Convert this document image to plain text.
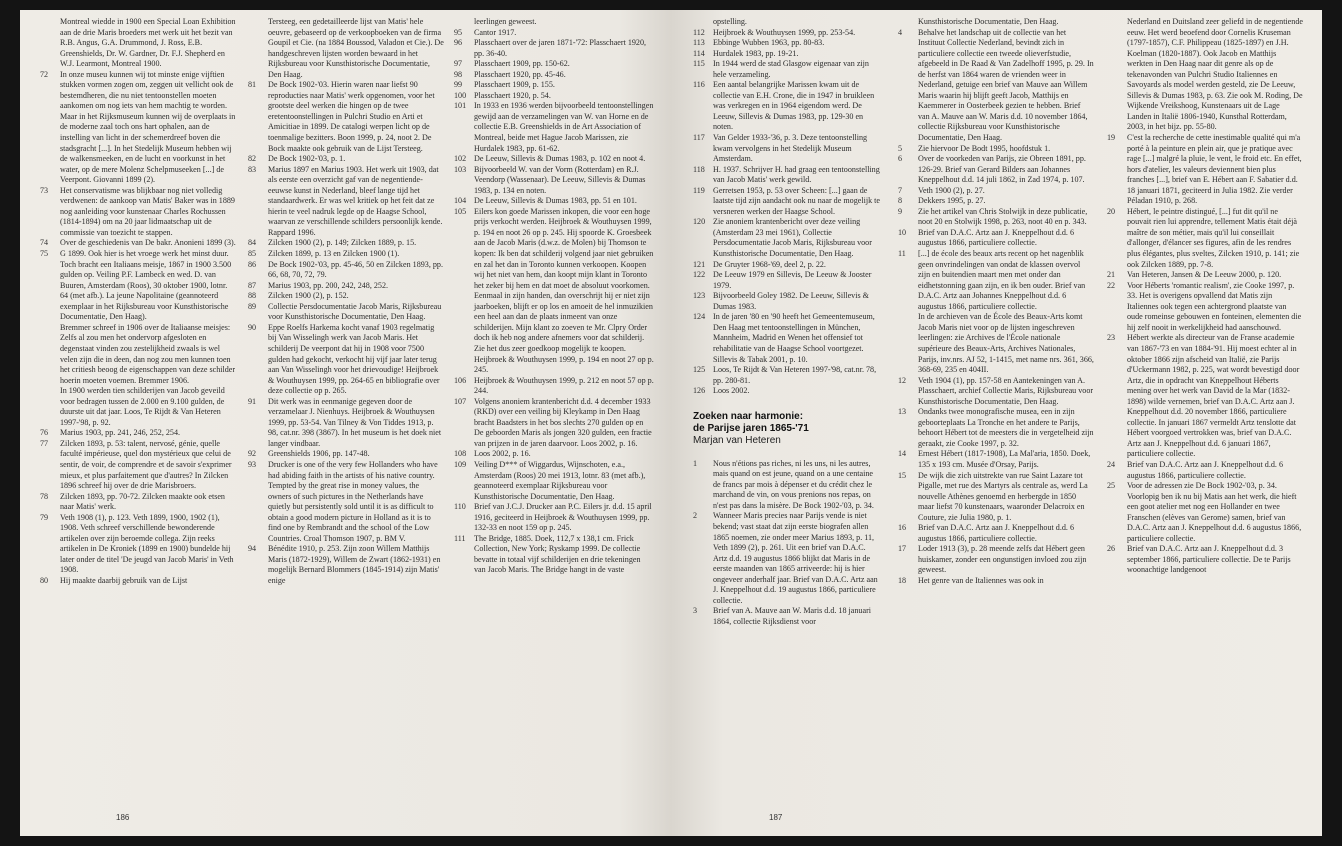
Montreal wiedde in 1900 een Special Loan Exhibition aan de drie Maris broeders met werk uit het bezit van R.B. Angus, G.A. Drummond, J. Ross, E.B. Greenshields, Dr. W. Gardner, Dr. F.J. Shepherd en W.J. Learmont, Montreal 1900.

72 In onze museu kunnen wij tot minste enige vijftien stukken vormen zogen om, zeggen uit vellicht ook de bestemdheren, die nu niet tentoonstellen moeten aankomen om nog iets van hem machtig te worden. Maar in het Rijksmuseum kunnen wij de overplaats in de moderne zaal toch ons hart ophalen, aan de instelling van licht in der schemerdreef boven die stadsgracht [...]. In het Stedelijk Museum hebben wij de walkensmeeken, en de lucht en voorkunst in het water, op de mere Molenz Schelpmuseeken [...] de Veerpont. Giovanni 1899 (2).

73 Het conservatisme was blijkbaar nog niet volledig verdwenen: de aankoop van Matis' Baker was in 1889 nog aanleiding voor kunstenaar Charles Rochussen (1814-1894) om na 20 jaar lidmaatschap uit de commissie van toezicht te stappen.

74 Over de geschiedenis van De bakr. Anonieni 1899 (3).

75 G 1899. Ook hier is het vroege werk het minst duur. Toch bracht een Italiaans meisje, 1867 in 1900 3.500 gulden op. Veiling P.F. Lambeck en wed. D. van Buuren, Amsterdam (Roos), 30 oktober 1900, lotnr. 64 (met afb.). La jeune Napolitaine (geannoteerd exemplaar in het Rijksbureau voor Kunsthistorische Documentatie, Den Haag).

Bremmer schreef in 1906 over de Italiaanse meisjes: Zelfs al zou men het ondervorp afgesloten en degenstaat vinden zou zestelijkheid zwaals is wel velen zijn die in deen, dan nog zou men kunnen toen het critiesh beoog de eigenschappen van deze schilder hoerin moeten voemen. Bremmer 1906.

In 1900 werden tien schilderijen van Jacob geveild voor bedragen tussen de 2.000 en 9.100 gulden, de duurste uit dat jaar. Loos, Te Rijdt & Van Heteren 1997-'98, p. 92.

76 Marius 1903, pp. 241, 246, 252, 254.

77 Zilcken 1893, p. 53: talent, nervosé, génie, quelle faculté impérieuse, quel don mystérieux que celui de sentir, de voir, de comprendre et de savoir s'exprimer mieux, et plus parfaitement que d'autres? In Zilcken 1896 schreef hij over de drie Marisbroers.

78 Zilcken 1893, pp. 70-72. Zilcken maakte ook etsen naar Matis' werk.

79 Veth 1908 (1), p. 123. Veth 1899, 1900, 1902 (1), 1908. Veth schreef verschillende bewonderende artikelen over zijn beroemde collega. Zijn reeks artikelen in De Kroniek (1899 en 1900) bundelde hij later onder de titel 'De jeugd van Jacob Maris' in Veth 1908.

80 Hij maakte daarbij gebruik van de Lijst

Tersteeg, een gedetailleerde lijst van Matis' hele oeuvre, gebaseerd op de verkoopboeken van de firma Goupil et Cie. (na 1884 Boussod, Valadon et Cie.). De handgeschreven lijsten worden bewaard in het Rijksbureau voor Kunsthistorische Documentatie, Den Haag.

81 De Bock 1902-'03. Hierin waren naar liefst 90 reproducties naar Matis' werk opgenomen, voor het grootste deel werken die hingen op de twee eretentoonstellingen in Pulchri Studio en Arti et Amicitiae in 1899. De catalogi werpen licht op de toenmalige bezitters. Boon 1999, p. 24, noot 2. De Bock maakte ook gebruik van de Lijst Tersteeg.

82 De Bock 1902-'03, p. 1.

83 Marius 1897 en Marius 1903. Het werk uit 1903, dat als eerste een overzicht gaf van de negentiende-eeuwse kunst in Nederland, bleef lange tijd het standaardwerk. Er was wel kritiek op het feit dat ze hierin te veel nadruk legde op de Haagse School, waarvan ze verschillende schilders persoonlijk kende. Rappard 1996.

84 Zilcken 1900 (2), p. 149; Zilcken 1889, p. 15.

85 Zilcken 1899, p. 13 en Zilcken 1900 (1).

86 De Bock 1902-'03, pp. 45-46, 50 en Zilcken 1893, pp. 66, 68, 70, 72, 79.

87 Marius 1903, pp. 200, 242, 248, 252.

88 Zilcken 1900 (2), p. 152.

89 Collectie Persdocumentatie Jacob Maris, Rijksbureau voor Kunsthistorische Documentatie, Den Haag.

90 Eppe Roelfs Harkema kocht vanaf 1903 regelmatig bij Van Wisselingh werk van Jacob Maris. Het schilderij De veerpont dat hij in 1908 voor 7500 gulden had gekocht, verkocht hij vijf jaar later terug aan Van Wisselingh voor het drievoudige! Heijbroek & Wouthuysen 1999, pp. 264-65 en bibliografie over deze collectie op p. 265.

91 Dit werk was in eenmanige gegeven door de verzamelaar J. Nienhuys. Heijbroek & Wouthuysen 1999, pp. 53-54. Van Tilney & Von Tiddes 1913, p. 98, cat.nr. 398 (3867). In het museum is het doek niet langer vindbaar.

92 Greenshields 1906, pp. 147-48.

93 Drucker is one of the very few Hollanders who have had abiding faith in the artists of his native country. Tempted by the great rise in money values, the owners of such pictures in the Netherlands have quietly but persistently sold until it is as difficult to obtain a good modern picture in Holland as it is to find one by Rembrandt and the school of the Low Countries. Croal Thomson 1907, p. BM V.

94 Bénédite 1910, p. 253. Zijn zoon Willem Matthijs Maris (1872-1929), Willem de Zwart (1862-1931) en mogelijk Bernard Blommers (1845-1914) zijn Matis' enige

leerlingen geweest.

95 Cantor 1917.

96 Plasschaert over de jaren 1871-'72: Plasschaert 1920, pp. 36-40.

97 Plasschaert 1909, pp. 150-62.

98 Plasschaert 1920, pp. 45-46.

99 Plasschaert 1909, p. 155.

100 Plasschaert 1920, p. 54.

101 In 1933 en 1936 werden bijvoorbeeld tentoonstellingen gewijd aan de verzamelingen van W. van Horne en de collectie E.B. Greenshields in de Art Association of Montreal, beide met Hague Jacob Marissen, zie Hurdalek 1983, pp. 61-62.

102 De Leeuw, Sillevis & Dumas 1983, p. 102 en noot 4.

103 Bijvoorbeeld W. van der Vorm (Rotterdam) en R.J. Veendorp (Wassenaar). De Leeuw, Sillevis & Dumas 1983, p. 134 en noten.

104 De Leeuw, Sillevis & Dumas 1983, pp. 51 en 101.

105 Eilers kon goede Marissen inkopen, die voor een hoge prijs verkocht werden. Heijbroek & Wouthuysen 1999, p. 194 en noot 26 op p. 245. Hij spoorde K. Groesbeek aan de Jacob Maris (d.w.z. de Molen) bij Thomson te kopen: Ik ben dat schilderij volgend jaar niet gebruiken en zal het dan in Toronto kunnen verkoopen. Koopen wij het niet van hem, dan koopt mijn klant in Toronto het zeker bij hem en dat moet de absoluut voorkomen. Eenmaal in zijn handen, dan overschrijt hij er niet zijn jaarboeken, blijft er op los en amoeit de hel inmuzikien een heel aan dan de plaats inmeent van onze schilderijen. Mijn klant zo zoeven te Mr. Clpry Order doch ik heb nog andere afnemers voor dat schilderij. Zie het dus zeer goedkoop mogelijk te koopen. Heijbroek & Wouthuysen 1999, p. 194 en noot 27 op p. 245.

106 Heijbroek & Wouthuysen 1999, p. 212 en noot 57 op p. 244.

107 Volgens anoniem krantenbericht d.d. 4 december 1933 (RKD) over een veiling bij Kleykamp in Den Haag bracht Baadsters in het bos slechts 270 gulden op en De geboorden Maris als jongen 320 gulden, een fractie van prijzen in de jaren daarvoor. Loos 2002, p. 16.

108 Loos 2002, p. 16.

109 Veiling D*** of Wiggardus, Wijnschoten, e.a., Amsterdam (Roos) 20 mei 1913, lotnr. 83 (met afb.), geannoteerd exemplaar Rijksbureau voor Kunsthistorische Documentatie, Den Haag.

110 Brief van J.C.J. Drucker aan P.C. Eilers jr. d.d. 15 april 1916, geciteerd in Heijbroek & Wouthuysen 1999, pp. 132-33 en noot 159 op p. 245.

111 The Bridge, 1885. Doek, 112,7 x 138,1 cm. Frick Collection, New York; Ryskamp 1999. De collectie bevatte in totaal vijf schilderijen en drie tekeningen van Jacob Maris. The Bridge hangt in de vaste

186

opstelling.

112 Heijbroek & Wouthuysen 1999, pp. 253-54.

113 Ebbinge Wubben 1963, pp. 80-83.

114 Hurdalek 1983, pp. 19-21.

115 In 1944 werd de stad Glasgow eigenaar van zijn hele verzameling.

116 Een aantal belangrijke Marissen kwam uit de collectie van E.H. Crone, die in 1947 in bruikleen was verkregen en in 1964 eigendom werd. De Leeuw, Sillevis & Dumas 1983, pp. 129-30 en noten.

117 Van Gelder 1933-'36, p. 3. Deze tentoonstelling kwam vervolgens in het Stedelijk Museum Amsterdam.

118 H. 1937. Schrijver H. had graag een tentoonstelling van Jacob Matis' werk gewild.

119 Gerretsen 1953, p. 53 over Scheen: [...] gaan de laatste tijd zijn aandacht ook nu naar de mogelijk te versneren werken der Haagse School.

120 Zie anoniem krantenbericht over deze veiling (Amsterdam 23 mei 1961), Collectie Persdocumentatie Jacob Maris, Rijksbureau voor Kunsthistorische Documentatie, Den Haag.

121 De Gruyter 1968-'69, deel 2, p. 22.

122 De Leeuw 1979 en Sillevis, De Leeuw & Jooster 1979.

123 Bijvoorbeeld Goley 1982. De Leeuw, Sillevis & Dumas 1983.

124 In de jaren '80 en '90 heeft het Gemeentemuseum, Den Haag met tentoonstellingen in München, Mannheim, Madrid en Wenen het offensief tot rehabilitatie van de Haagse School voortgezet. Sillevis & Tabak 2001, p. 10.

125 Loos, Te Rijdt & Van Heteren 1997-'98, cat.nr. 78, pp. 280-81.

126 Loos 2002.

Zoeken naar harmonie:
de Parijse jaren 1865-'71
Marjan van Heteren

1 Nous n'étions pas riches, ni les uns, ni les autres, mais quand on est jeune, quand on a une centaine de francs par mois à dépenser et du crédit chez le marchand de vin, on vous prenions nos repas, on n'est pas dans la misère. De Bock 1902-'03, p. 34.

2 Wanneer Maris precies naar Parijs vende is niet bekend; vast staat dat zijn eerste biografen allen 1865 noemen, zie onder meer Marius 1893, p. 11, Veth 1899 (2), p. 261. Uit een brief van D.A.C. Artz d.d. 19 augustus 1866 blijkt dat Maris in de eerste maanden van 1865 arriveerde: hij is hier ongeveer anderhalf jaar. Brief van D.A.C. Artz aan J. Kneppelhout d.d. 19 augustus 1866, particuliere collectie.

3 Brief van A. Mauve aan W. Maris d.d. 18 januari 1864, collectie Rijksdienst voor

Kunsthistorische Documentatie, Den Haag.

4 Behalve het landschap uit de collectie van het Instituut Collectie Nederland, bevindt zich in particuliere collectie een tweede olieverfstudie, afgebeeld in De Raad & Van Zadelhoff 1995, p. 29. In de herfst van 1864 waren de vrienden weer in Nederland, getuige een brief van Mauve aan Willem Maris waarin hij blijft geeft Jacob, Matthijs en Kaemmerer in Oosterbeek gezien te hebben. Brief van A. Mauve aan W. Maris d.d. 10 november 1864, collectie Rijksbureau voor Kunsthistorische Documentatie, Den Haag.

5 Zie hiervoor De Bodt 1995, hoofdstuk 1.

6 Over de voorkeden van Parijs, zie Obreen 1891, pp. 126-29. Brief van Gerard Bilders aan Johannes Kneppelhout d.d. 14 juli 1862, in Zad 1974, p. 107.

7 Veth 1900 (2), p. 27.

8 Dekkers 1995, p. 27.

9 Zie het artikel van Chris Stolwijk in deze publicatie, noot 20 en Stolwijk 1998, p. 263, noot 40 en p. 343.

10 Brief van D.A.C. Artz aan J. Kneppelhout d.d. 6 augustus 1866, particuliere collectie.

11 [...] de école des beaux arts recent op het nagenblik geen onvrindelingen van ondat de klassen overvol zijn en buitendien maart men met onder dan eidhetstonning gaan zijn, en ik ben ouder. Brief van D.A.C. Artz aan Johannes Kneppelhout d.d. 6 augustus 1866, particuliere collectie.

In de archieven van de École des Beaux-Arts komt Jacob Maris niet voor op de lijsten ingeschreven leerlingen: zie Archives de l'École nationale supérieure des Beaux-Arts, Archives Nationales, Parijs, inv.nrs. AJ 52, 1-1415, met name nrs. 361, 366, 368-69, 235 en 404II.

12 Veth 1904 (1), pp. 157-58 en Aantekeningen van A. Plasschaert, archief Collectie Maris, Rijksbureau voor Kunsthistorische Documentatie, Den Haag.

13 Ondanks twee monografische musea, een in zijn geboorteplaats La Tronche en het andere te Parijs, behoort Hébert tot de meesters die in vergetelheid zijn geraakt, zie Cooke 1997, p. 32.

14 Ernest Hébert (1817-1908), La Mal'aria, 1850. Doek, 135 x 193 cm. Musée d'Orsay, Parijs.

15 De wijk die zich uitstrekte van rue Saint Lazare tot Pigalle, met rue des Martyrs als centrale as, werd La nouvelle Athènes genoemd en herbergde in 1850 maar liefst 70 kunstenaars, waaronder Delacroix en Couture, zie Julia 1980, p. 1.

16 Brief van D.A.C. Artz aan J. Kneppelhout d.d. 6 augustus 1866, particuliere collectie.

17 Loder 1913 (3), p. 28 meende zelfs dat Hébert geen huiskamer, zonder een ongunstigen invloed zou zijn geweest.

18 Het genre van de Italiennes was ook in

Nederland en Duitsland zeer geliefd in de negentiende eeuw. Het werd beoefend door Cornelis Kruseman (1797-1857), C.F. Philippeau (1825-1897) en J.H. Koelman (1820-1887). Ook Jacob en Matthijs werkten in Den Haag naar dit genre als op de tekenavonden van Pulchri Studio Italiennes en Savoyards als model werden gesteld, zie De Leeuw, Sillevis & Dumas 1983, p. 63. Zie ook M. Roding, De Wijkende Vreikshoog, Kunstenaars uit de Lage Landen in Italië 1806-1940, Kunsthal Rotterdam, 2003, in het bijz. pp. 55-80.

19 C'est la recherche de cette inestimable qualité qui m'a porté à la peinture en plein air, que je pratique avec rage [...] malgré la pluie, le vent, le froid etc. En effet, hors d'atelier, les valeurs deviennent bien plus franches [...], brief van E. Hébert aan F. Sabatier d.d. 18 januari 1871, geciteerd in Julia 1982. Zie verder Péladan 1910, p. 268.

20 Hébert, le peintre distingué, [...] fut dit qu'il ne pouvait rien lui apprendre, tellement Matis était déjà maître de son métier, mais qu'il lui conseillait d'allonger, d'élancer ses figures, afin de les rendres plus élégantes, plus sveltes, Zilcken 1910, p. 141; zie ook Zilcken 1889, pp. 7-8.

21 Van Heteren, Jansen & De Leeuw 2000, p. 120.

22 Voor Héberts 'romantic realism', zie Cooke 1997, p. 33. Het is overigens opvallend dat Matis zijn Italiennes ook tegen een achtergrond plaatste van oude romeinse gebouwen en fonteinen, elementen die hij zelf nooit in werkelijkheid had aanschouwd.

23 Hébert werkte als directeur van de Franse academie van 1867-'73 en van 1884-'91. Hij moest echter al in oktober 1866 zijn afscheid van Italië, zie Parijs d'Uckermann 1982, p. 225, wat wordt bevestigd door Artz, die in opdracht van Kneppelhout Héberts mening over het werk van David de la Mar (1832-1898) wilde vernemen, brief van D.A.C. Artz aan J. Kneppelhout d.d. 20 november 1866, particuliere collectie. In januari 1867 vermeldt Artz tenslotte dat Hébert voorgoed vertrokken was, brief van D.A.C. Artz aan J. Kneppelhout d.d. 6 januari 1867, particuliere collectie.

24 Brief van D.A.C. Artz aan J. Kneppelhout d.d. 6 augustus 1866, particuliere collectie.

25 Voor de adressen zie De Bock 1902-'03, p. 34. Voorlopig ben ik nu bij Matis aan het werk, die hieft een goot atelier met nog een Hollander en twee Franschen (elèves van Gerome) samen, brief van D.A.C. Artz aan J. Kneppelhout d.d. 6 augustus 1866, particuliere collectie.

26 Brief van D.A.C. Artz aan J. Kneppelhout d.d. 3 september 1866, particuliere collectie. De te Parijs woonachtige landgenoot

187
